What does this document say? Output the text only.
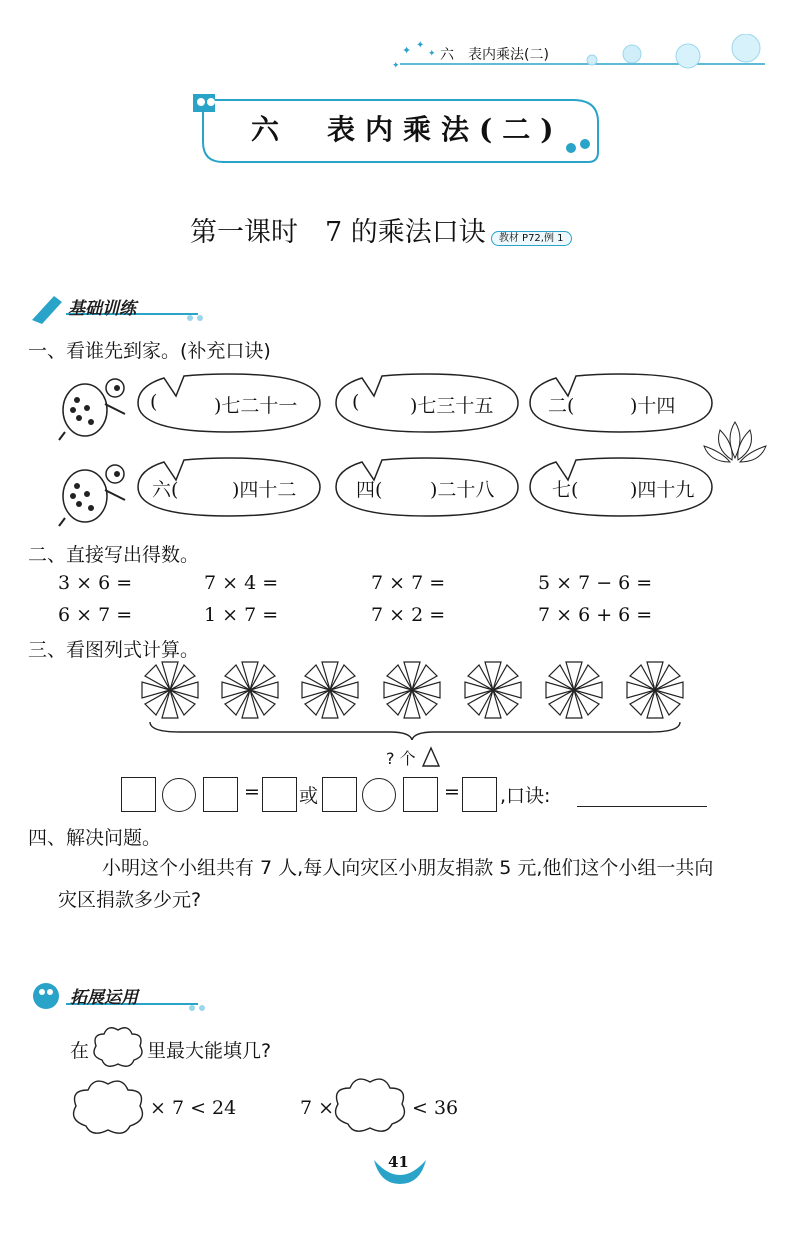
✦ ✦
✦
✦
六　表内乘法(二)
六　表内乘法(二)
第一课时　7 的乘法口诀 教材 P72,例 1
基础训练
一、看谁先到家。(补充口诀)
(	)七二十一	(	)七三十五	二(	)十四
六(	)四十二	四(	)二十八	七(	)四十九
二、直接写出得数。
3 × 6 =	7 × 4 =	7 × 7 =	5 × 7 − 6 =
6 × 7 =	1 × 7 =	7 × 2 =	7 × 6 + 6 =
三、看图列式计算。
? 个
= 或	= ,口诀:
四、解决问题。
小明这个小组共有 7 人,每人向灾区小朋友捐款 5 元,他们这个小组一共向
灾区捐款多少元?
拓展运用
在	里最大能填几?
× 7 < 24	7 ×	< 36
41
